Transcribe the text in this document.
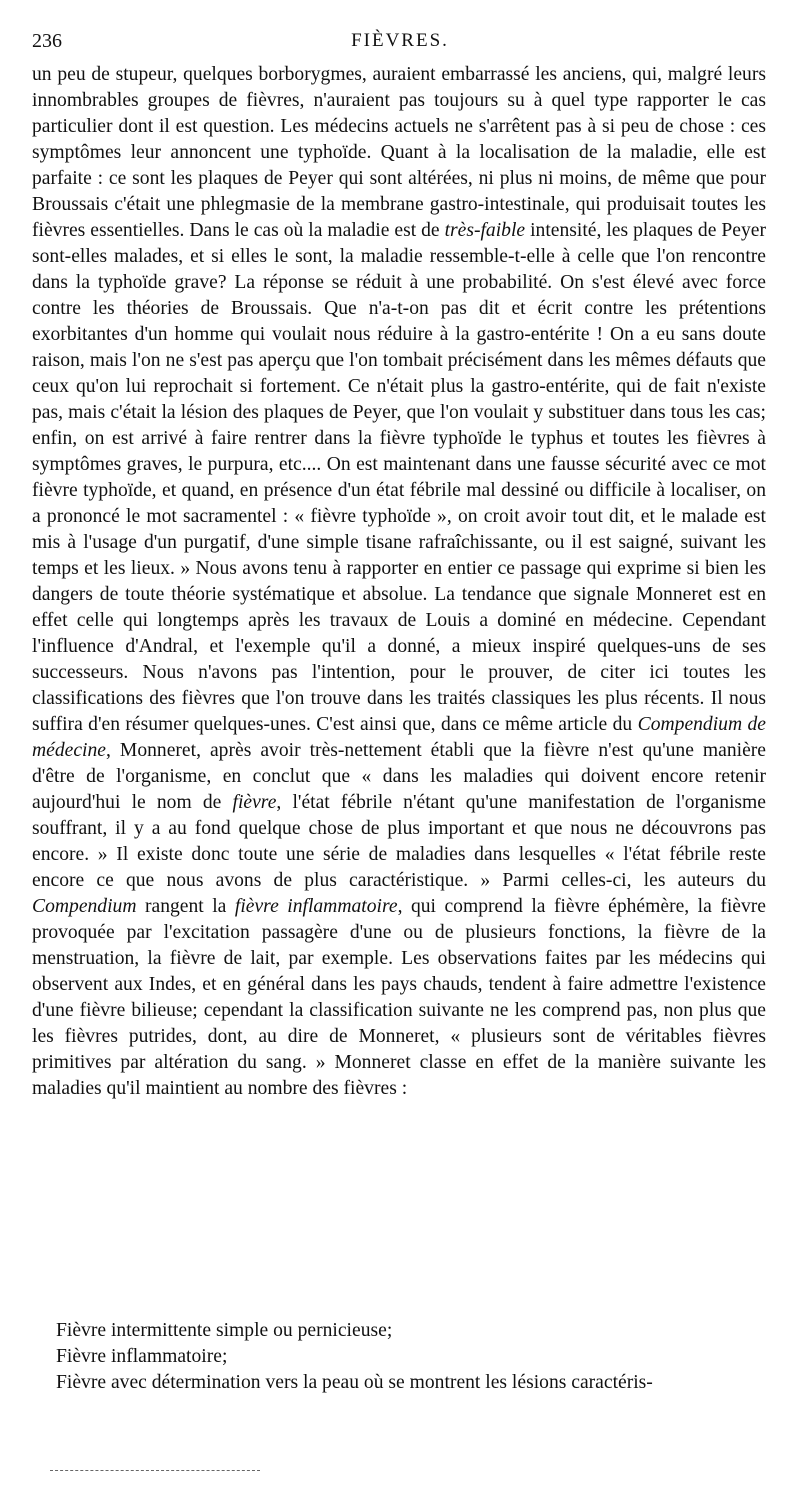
236	FIÈVRES.

un peu de stupeur, quelques borborygmes, auraient embarrassé les anciens, qui, malgré leurs innombrables groupes de fièvres, n'auraient pas toujours su à quel type rapporter le cas particulier dont il est question. Les médecins actuels ne s'arrêtent pas à si peu de chose : ces symptômes leur annoncent une typhoïde. Quant à la localisation de la maladie, elle est parfaite : ce sont les plaques de Peyer qui sont altérées, ni plus ni moins, de même que pour Broussais c'était une phlegmasie de la membrane gastro-intestinale, qui produisait toutes les fièvres essentielles. Dans le cas où la maladie est de très-faible intensité, les plaques de Peyer sont-elles malades, et si elles le sont, la maladie ressemble-t-elle à celle que l'on rencontre dans la typhoïde grave? La réponse se réduit à une probabilité. On s'est élevé avec force contre les théories de Broussais. Que n'a-t-on pas dit et écrit contre les prétentions exorbitantes d'un homme qui voulait nous réduire à la gastro-entérite ! On a eu sans doute raison, mais l'on ne s'est pas aperçu que l'on tombait précisément dans les mêmes défauts que ceux qu'on lui reprochait si fortement. Ce n'était plus la gastro-entérite, qui de fait n'existe pas, mais c'était la lésion des plaques de Peyer, que l'on voulait y substituer dans tous les cas; enfin, on est arrivé à faire rentrer dans la fièvre typhoïde le typhus et toutes les fièvres à symptômes graves, le purpura, etc.... On est maintenant dans une fausse sécurité avec ce mot fièvre typhoïde, et quand, en présence d'un état fébrile mal dessiné ou difficile à localiser, on a prononcé le mot sacramentel : « fièvre typhoïde », on croit avoir tout dit, et le malade est mis à l'usage d'un purgatif, d'une simple tisane rafraîchissante, ou il est saigné, suivant les temps et les lieux. » Nous avons tenu à rapporter en entier ce passage qui exprime si bien les dangers de toute théorie systématique et absolue. La tendance que signale Monneret est en effet celle qui longtemps après les travaux de Louis a dominé en médecine. Cependant l'influence d'Andral, et l'exemple qu'il a donné, a mieux inspiré quelques-uns de ses successeurs. Nous n'avons pas l'intention, pour le prouver, de citer ici toutes les classifications des fièvres que l'on trouve dans les traités classiques les plus récents. Il nous suffira d'en résumer quelques-unes. C'est ainsi que, dans ce même article du Compendium de médecine, Monneret, après avoir très-nettement établi que la fièvre n'est qu'une manière d'être de l'organisme, en conclut que « dans les maladies qui doivent encore retenir aujourd'hui le nom de fièvre, l'état fébrile n'étant qu'une manifestation de l'organisme souffrant, il y a au fond quelque chose de plus important et que nous ne découvrons pas encore. » Il existe donc toute une série de maladies dans lesquelles « l'état fébrile reste encore ce que nous avons de plus caractéristique. » Parmi celles-ci, les auteurs du Compendium rangent la fièvre inflammatoire, qui comprend la fièvre éphémère, la fièvre provoquée par l'excitation passagère d'une ou de plusieurs fonctions, la fièvre de la menstruation, la fièvre de lait, par exemple. Les observations faites par les médecins qui observent aux Indes, et en général dans les pays chauds, tendent à faire admettre l'existence d'une fièvre bilieuse; cependant la classification suivante ne les comprend pas, non plus que les fièvres putrides, dont, au dire de Monneret, « plusieurs sont de véritables fièvres primitives par altération du sang. » Monneret classe en effet de la manière suivante les maladies qu'il maintient au nombre des fièvres :

Fièvre intermittente simple ou pernicieuse;
Fièvre inflammatoire;
Fièvre avec détermination vers la peau où se montrent les lésions caractéris-
